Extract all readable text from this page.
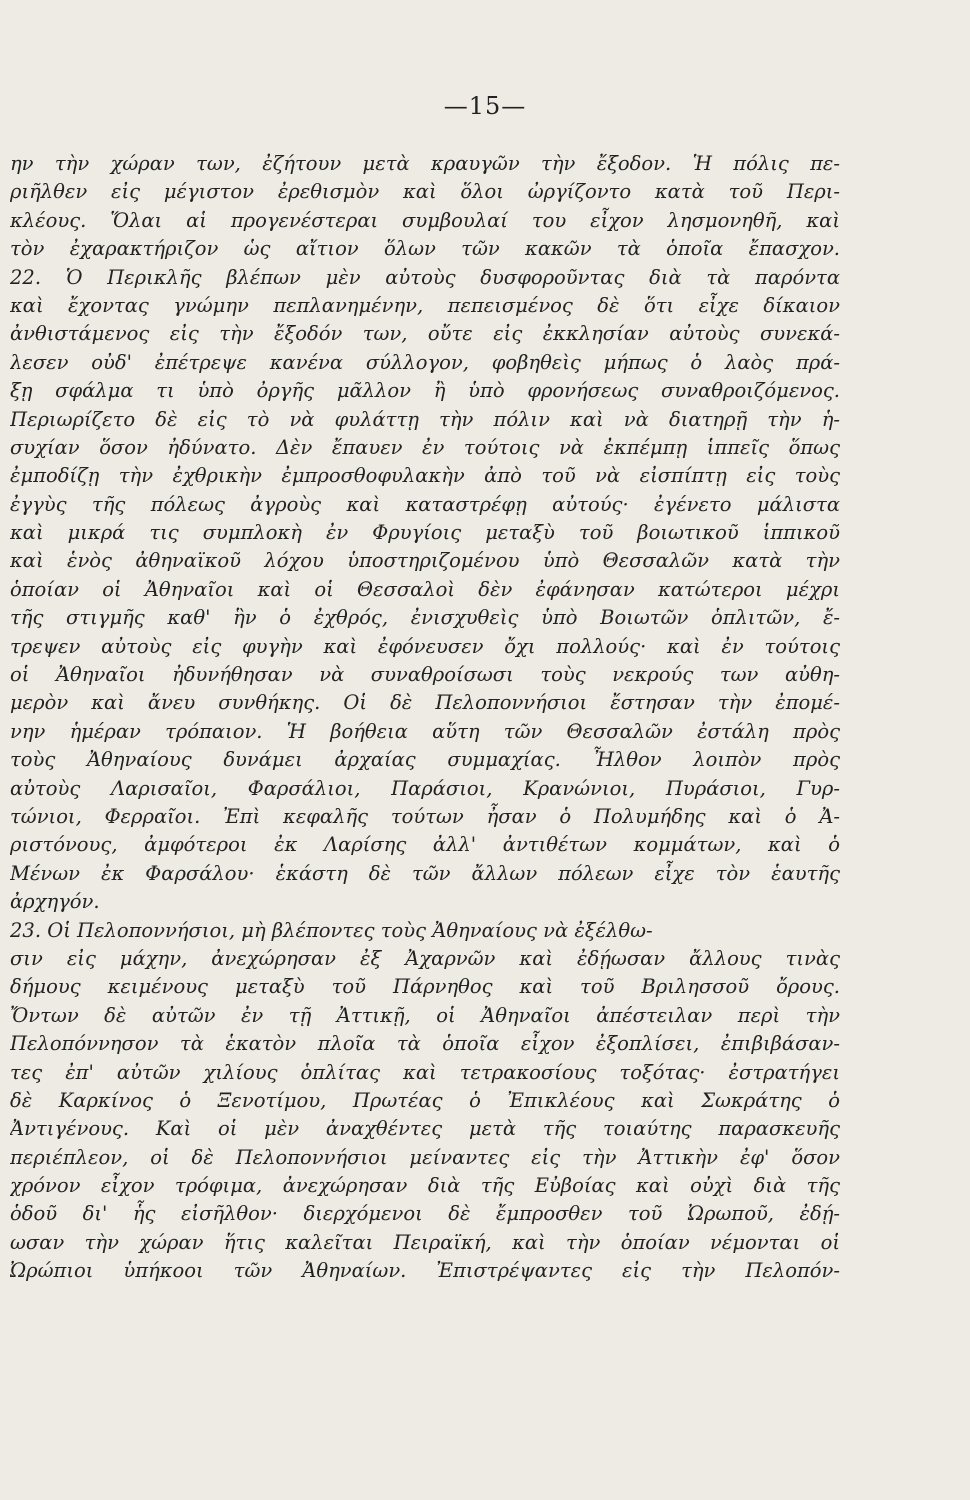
—15—
ην τὴν χώραν των, ἐζήτουν μετὰ κραυγῶν τὴν ἔξοδον. Ἡ πόλις πε-
ριῆλθεν εἰς μέγιστον ἐρεθισμὸν καὶ ὅλοι ὠργίζοντο κατὰ τοῦ Περι-
κλέους. Ὅλαι αἱ προγενέστεραι συμβουλαί του εἶχον λησμονηθῆ, καὶ
τὸν ἐχαρακτήριζον ὡς αἴτιον ὅλων τῶν κακῶν τὰ ὁποῖα ἔπασχον.
22. Ὁ Περικλῆς βλέπων μὲν αὐτοὺς δυσφοροῦντας διὰ τὰ παρόντα
καὶ ἔχοντας γνώμην πεπλανημένην, πεπεισμένος δὲ ὅτι εἶχε δίκαιον
ἀνθιστάμενος εἰς τὴν ἔξοδόν των, οὔτε εἰς ἐκκλησίαν αὐτοὺς συνεκά-
λεσεν οὐδ' ἐπέτρεψε κανένα σύλλογον, φοβηθεὶς μήπως ὁ λαὸς πρά-
ξῃ σφάλμα τι ὑπὸ ὀργῆς μᾶλλον ἢ ὑπὸ φρονήσεως συναθροιζόμενος.
Περιωρίζετο δὲ εἰς τὸ νὰ φυλάττῃ τὴν πόλιν καὶ νὰ διατηρῇ τὴν ἡ-
συχίαν ὅσον ἠδύνατο. Δὲν ἔπαυεν ἐν τούτοις νὰ ἐκπέμπῃ ἱππεῖς ὅπως
ἐμποδίζῃ τὴν ἐχθρικὴν ἐμπροσθοφυλακὴν ἀπὸ τοῦ νὰ εἰσπίπτῃ εἰς τοὺς
ἐγγὺς τῆς πόλεως ἀγροὺς καὶ καταστρέφῃ αὐτούς· ἐγένετο μάλιστα
καὶ μικρά τις συμπλοκὴ ἐν Φρυγίοις μεταξὺ τοῦ βοιωτικοῦ ἱππικοῦ
καὶ ἑνὸς ἀθηναϊκοῦ λόχου ὑποστηριζομένου ὑπὸ Θεσσαλῶν κατὰ τὴν
ὁποίαν οἱ Ἀθηναῖοι καὶ οἱ Θεσσαλοὶ δὲν ἐφάνησαν κατώτεροι μέχρι
τῆς στιγμῆς καθ' ἣν ὁ ἐχθρός, ἐνισχυθεὶς ὑπὸ Βοιωτῶν ὁπλιτῶν, ἔ-
τρεψεν αὐτοὺς εἰς φυγὴν καὶ ἐφόνευσεν ὄχι πολλούς· καὶ ἐν τούτοις
οἱ Ἀθηναῖοι ἠδυνήθησαν νὰ συναθροίσωσι τοὺς νεκρούς των αὐθη-
μερὸν καὶ ἄνευ συνθήκης. Οἱ δὲ Πελοποννήσιοι ἔστησαν τὴν ἐπομέ-
νην ἡμέραν τρόπαιον. Ἡ βοήθεια αὕτη τῶν Θεσσαλῶν ἐστάλη πρὸς
τοὺς Ἀθηναίους δυνάμει ἀρχαίας συμμαχίας. Ἦλθον λοιπὸν πρὸς
αὐτοὺς Λαρισαῖοι, Φαρσάλιοι, Παράσιοι, Κρανώνιοι, Πυράσιοι, Γυρ-
τώνιοι, Φερραῖοι. Ἐπὶ κεφαλῆς τούτων ἦσαν ὁ Πολυμήδης καὶ ὁ Ἀ-
ριστόνους, ἀμφότεροι ἐκ Λαρίσης ἀλλ' ἀντιθέτων κομμάτων, καὶ ὁ
Μένων ἐκ Φαρσάλου· ἑκάστη δὲ τῶν ἄλλων πόλεων εἶχε τὸν ἑαυτῆς
ἀρχηγόν.
23. Οἱ Πελοποννήσιοι, μὴ βλέποντες τοὺς Ἀθηναίους νὰ ἐξέλθω-
σιν εἰς μάχην, ἀνεχώρησαν ἐξ Ἀχαρνῶν καὶ ἐδῄωσαν ἄλλους τινὰς
δήμους κειμένους μεταξὺ τοῦ Πάρνηθος καὶ τοῦ Βριλησσοῦ ὄρους.
Ὄντων δὲ αὐτῶν ἐν τῇ Ἀττικῇ, οἱ Ἀθηναῖοι ἀπέστειλαν περὶ τὴν
Πελοπόννησον τὰ ἑκατὸν πλοῖα τὰ ὁποῖα εἶχον ἐξοπλίσει, ἐπιβιβάσαν-
τες ἐπ' αὐτῶν χιλίους ὁπλίτας καὶ τετρακοσίους τοξότας· ἐστρατήγει
δὲ Καρκίνος ὁ Ξενοτίμου, Πρωτέας ὁ Ἐπικλέους καὶ Σωκράτης ὁ
Ἀντιγένους. Καὶ οἱ μὲν ἀναχθέντες μετὰ τῆς τοιαύτης παρασκευῆς
περιέπλεον, οἱ δὲ Πελοποννήσιοι μείναντες εἰς τὴν Ἀττικὴν ἐφ' ὅσον
χρόνον εἶχον τρόφιμα, ἀνεχώρησαν διὰ τῆς Εὐβοίας καὶ οὐχὶ διὰ τῆς
ὁδοῦ δι' ἧς εἰσῆλθον· διερχόμενοι δὲ ἔμπροσθεν τοῦ Ὠρωποῦ, ἐδῄ-
ωσαν τὴν χώραν ἥτις καλεῖται Πειραϊκή, καὶ τὴν ὁποίαν νέμονται οἱ
Ὠρώπιοι ὑπήκοοι τῶν Ἀθηναίων. Ἐπιστρέψαντες εἰς τὴν Πελοπόν-
